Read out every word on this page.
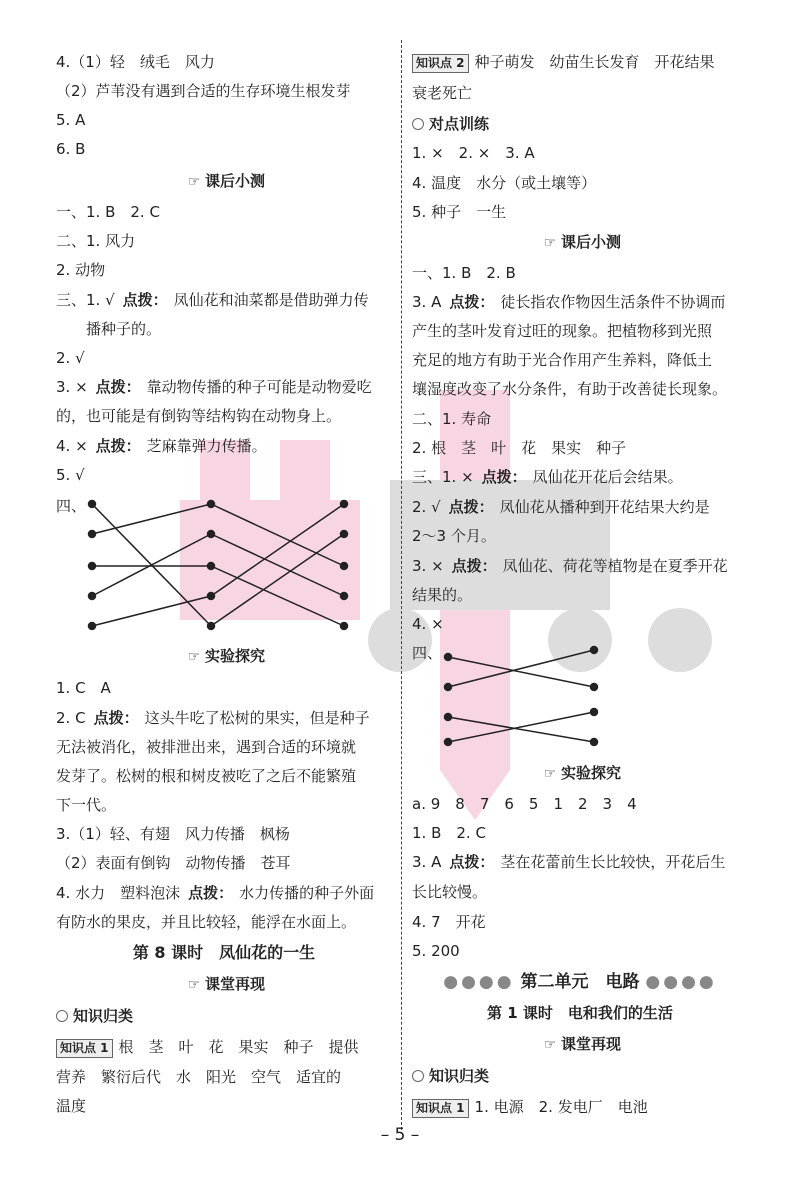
4.（1）轻　绒毛　风力
（2）芦苇没有遇到合适的生存环境生根发芽
5. A
6. B
☞ 课后小测
一、1. B　2. C
二、1. 风力
2. 动物
三、1. √ 点拨： 凤仙花和油菜都是借助弹力传
播种子的。
2. √
3. × 点拨： 靠动物传播的种子可能是动物爱吃
的，也可能是有倒钩等结构钩在动物身上。
4. × 点拨： 芝麻靠弹力传播。
5. √
四、
☞ 实验探究
1. C　A
2. C 点拨： 这头牛吃了松树的果实，但是种子
无法被消化，被排泄出来，遇到合适的环境就
发芽了。松树的根和树皮被吃了之后不能繁殖
下一代。
3.（1）轻、有翅　风力传播　枫杨
（2）表面有倒钩　动物传播　苍耳
4. 水力　塑料泡沫 点拨： 水力传播的种子外面
有防水的果皮，并且比较轻，能浮在水面上。
第 8 课时　凤仙花的一生
☞ 课堂再现
知识归类
知识点 1 根　茎　叶　花　果实　种子　提供
营养　繁衍后代　水　阳光　空气　适宜的
温度
知识点 2 种子萌发　幼苗生长发育　开花结果
衰老死亡
对点训练
1. ×　2. ×　3. A
4. 温度　水分（或土壤等）
5. 种子　一生
☞ 课后小测
一、1. B　2. B
3. A 点拨： 徒长指农作物因生活条件不协调而
产生的茎叶发育过旺的现象。把植物移到光照
充足的地方有助于光合作用产生养料，降低土
壤湿度改变了水分条件，有助于改善徒长现象。
二、1. 寿命
2. 根　茎　叶　花　果实　种子
三、1. × 点拨： 凤仙花开花后会结果。
2. √ 点拨： 凤仙花从播种到开花结果大约是
2～3 个月。
3. × 点拨： 凤仙花、荷花等植物是在夏季开花
结果的。
4. ×
四、
☞ 实验探究
a. 9　8　7　6　5　1　2　3　4
1. B　2. C
3. A 点拨： 茎在花蕾前生长比较快，开花后生
长比较慢。
4. 7　开花
5. 200
●●●● 第二单元　电路 ●●●●
第 1 课时　电和我们的生活
☞ 课堂再现
知识归类
知识点 1 1. 电源　2. 发电厂　电池
– 5 –
